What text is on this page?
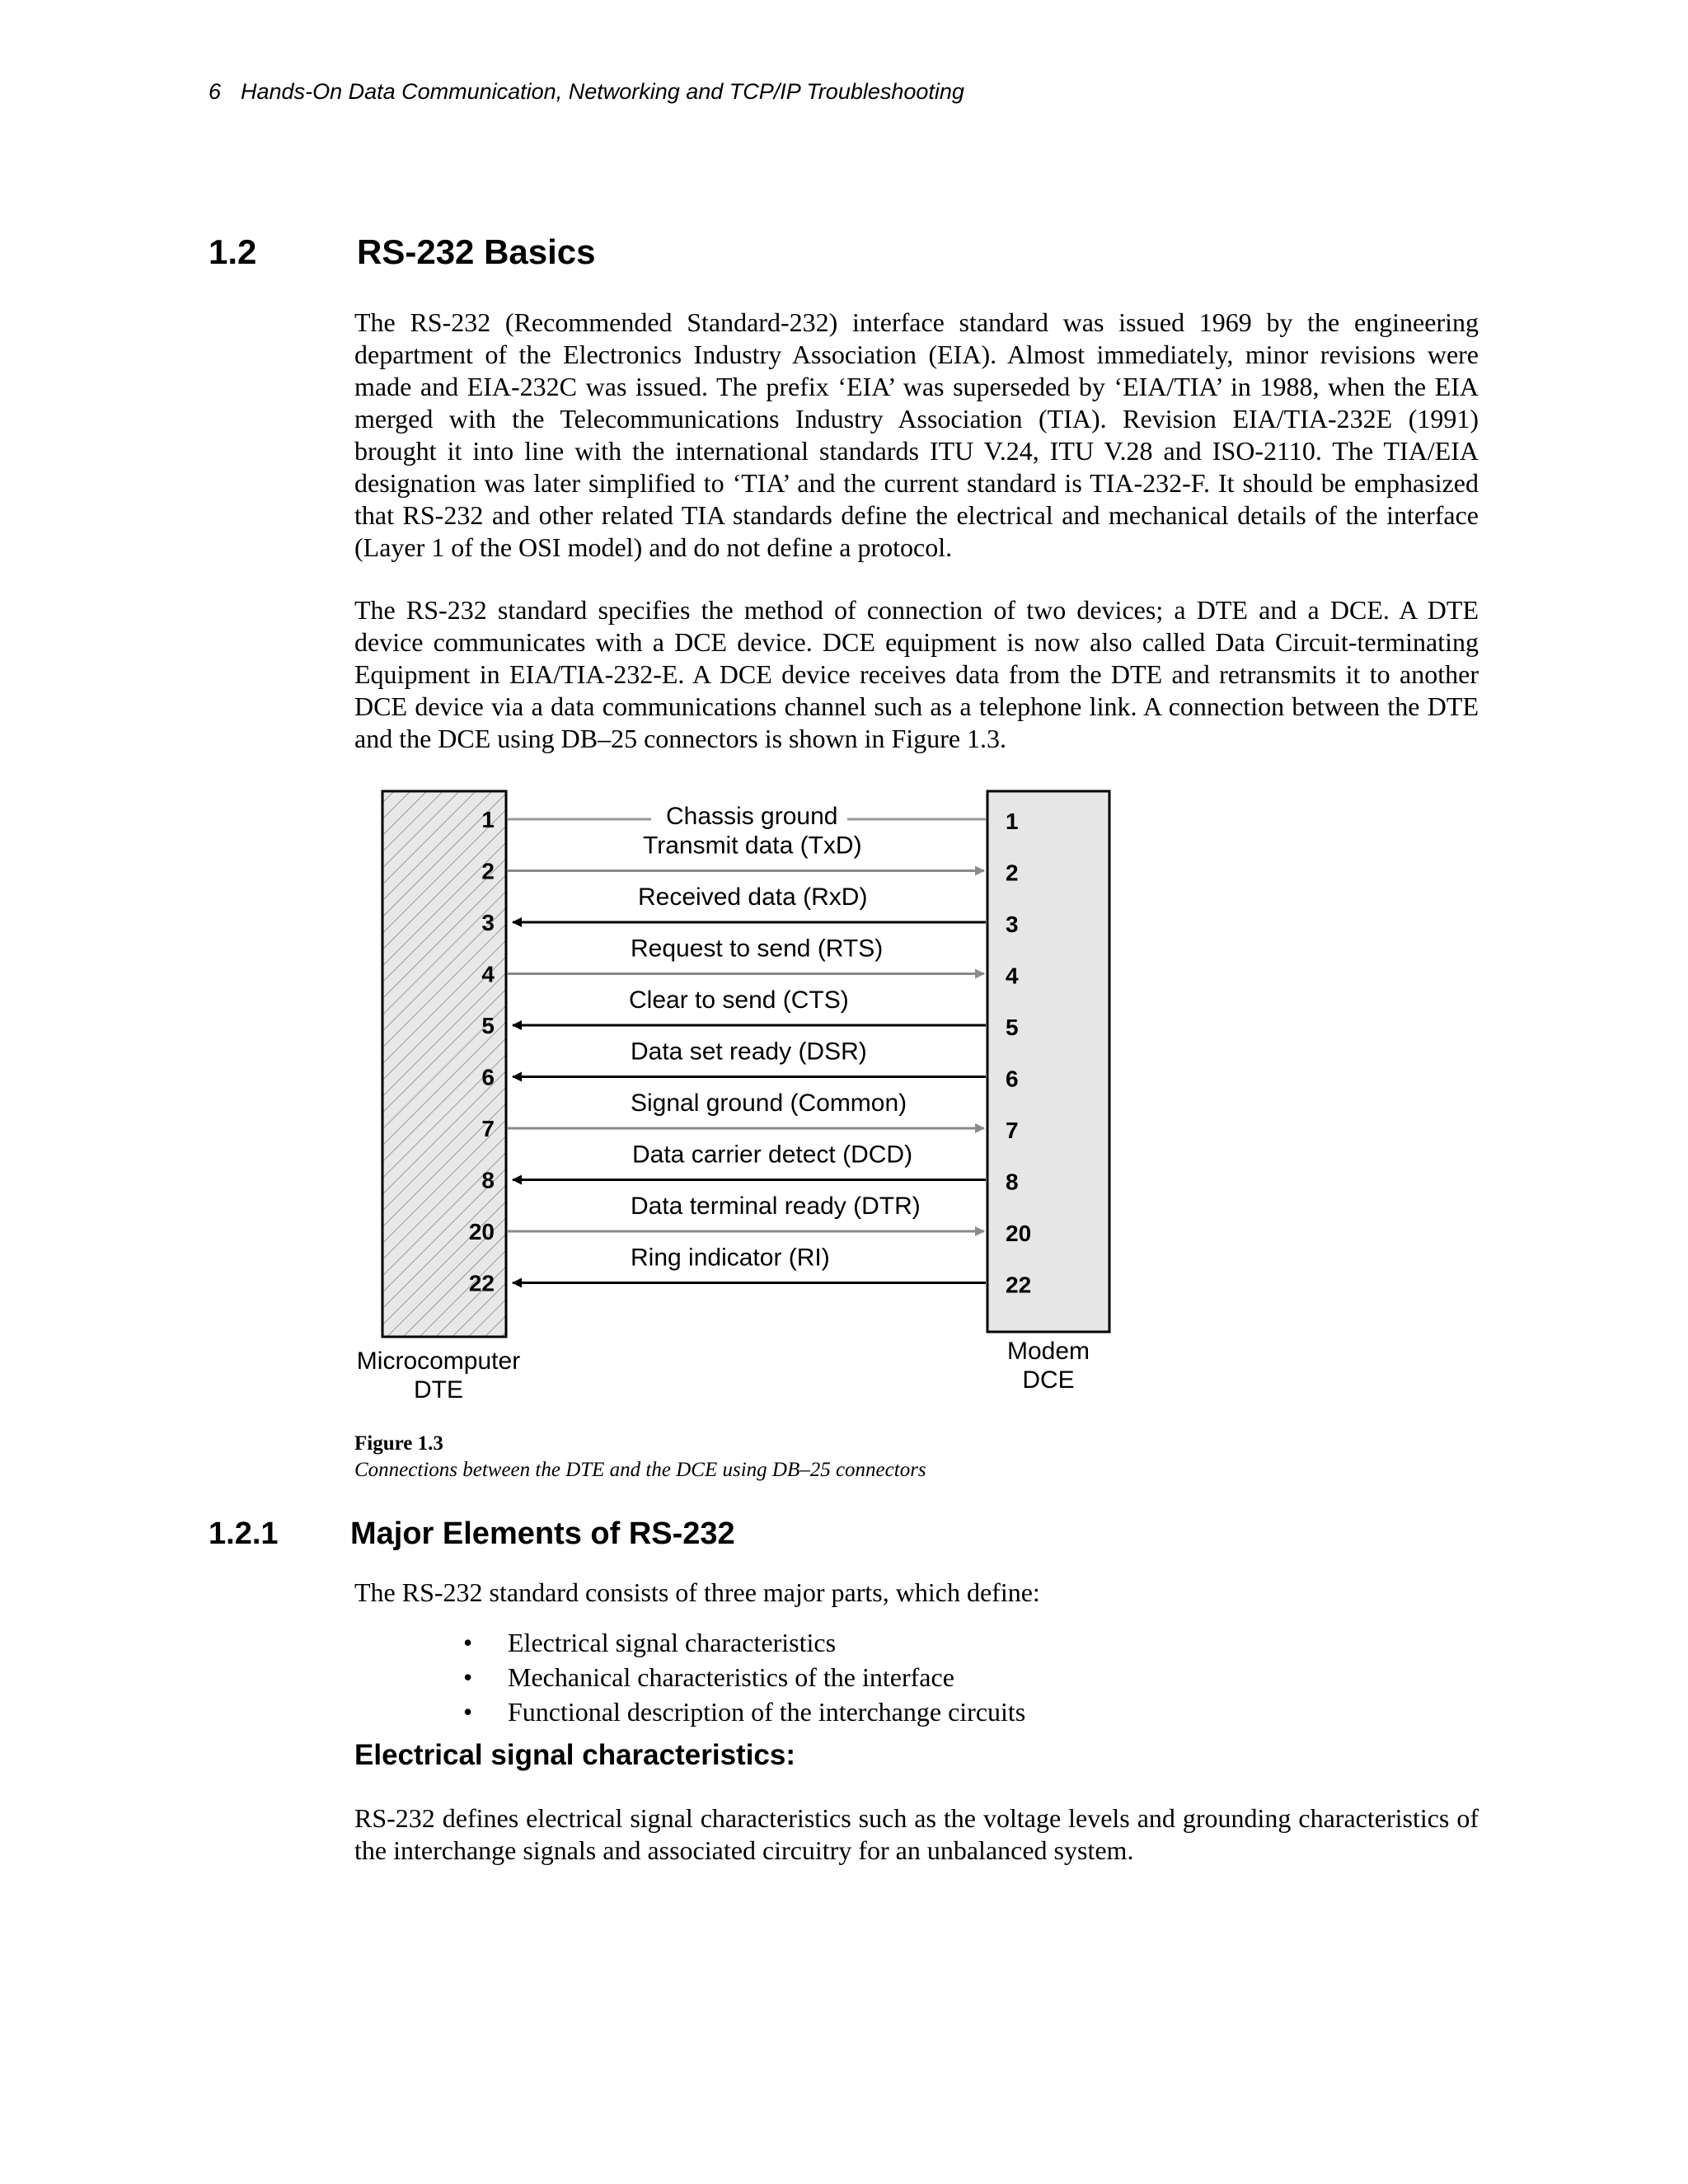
6 Hands-On Data Communication, Networking and TCP/IP Troubleshooting
1.2	RS-232 Basics

The RS-232 (Recommended Standard-232) interface standard was issued 1969 by the engineering department of the Electronics Industry Association (EIA). Almost immediately, minor revisions were made and EIA-232C was issued. The prefix ‘EIA’ was superseded by ‘EIA/TIA’ in 1988, when the EIA merged with the Telecommunications Industry Association (TIA). Revision EIA/TIA-232E (1991) brought it into line with the international standards ITU V.24, ITU V.28 and ISO-2110. The TIA/EIA designation was later simplified to ‘TIA’ and the current standard is TIA-232-F. It should be emphasized that RS-232 and other related TIA standards define the electrical and mechanical details of the interface (Layer 1 of the OSI model) and do not define a protocol.

The RS-232 standard specifies the method of connection of two devices; a DTE and a DCE. A DTE device communicates with a DCE device. DCE equipment is now also called Data Circuit-terminating Equipment in EIA/TIA-232-E. A DCE device receives data from the DTE and retransmits it to another DCE device via a data communications channel such as a telephone link. A connection between the DTE and the DCE using DB–25 connectors is shown in Figure 1.3.

Chassis ground
1	1
Transmit data (TxD)
2	2
Received data (RxD)
3	3
Request to send (RTS)
4	4
Clear to send (CTS)
5	5
Data set ready (DSR)
6	6
Signal ground (Common)
7	7
Data carrier detect (DCD)
8	8
Data terminal ready (DTR)
20	20
Ring indicator (RI)
22	22
Microcomputer
DTE
Modem
DCE
Figure 1.3
Connections between the DTE and the DCE using DB–25 connectors
1.2.1 Major Elements of RS-232

The RS-232 standard consists of three major parts, which define:

• Electrical signal characteristics
• Mechanical characteristics of the interface
• Functional description of the interchange circuits
Electrical signal characteristics:

RS-232 defines electrical signal characteristics such as the voltage levels and grounding characteristics of the interchange signals and associated circuitry for an unbalanced system.
